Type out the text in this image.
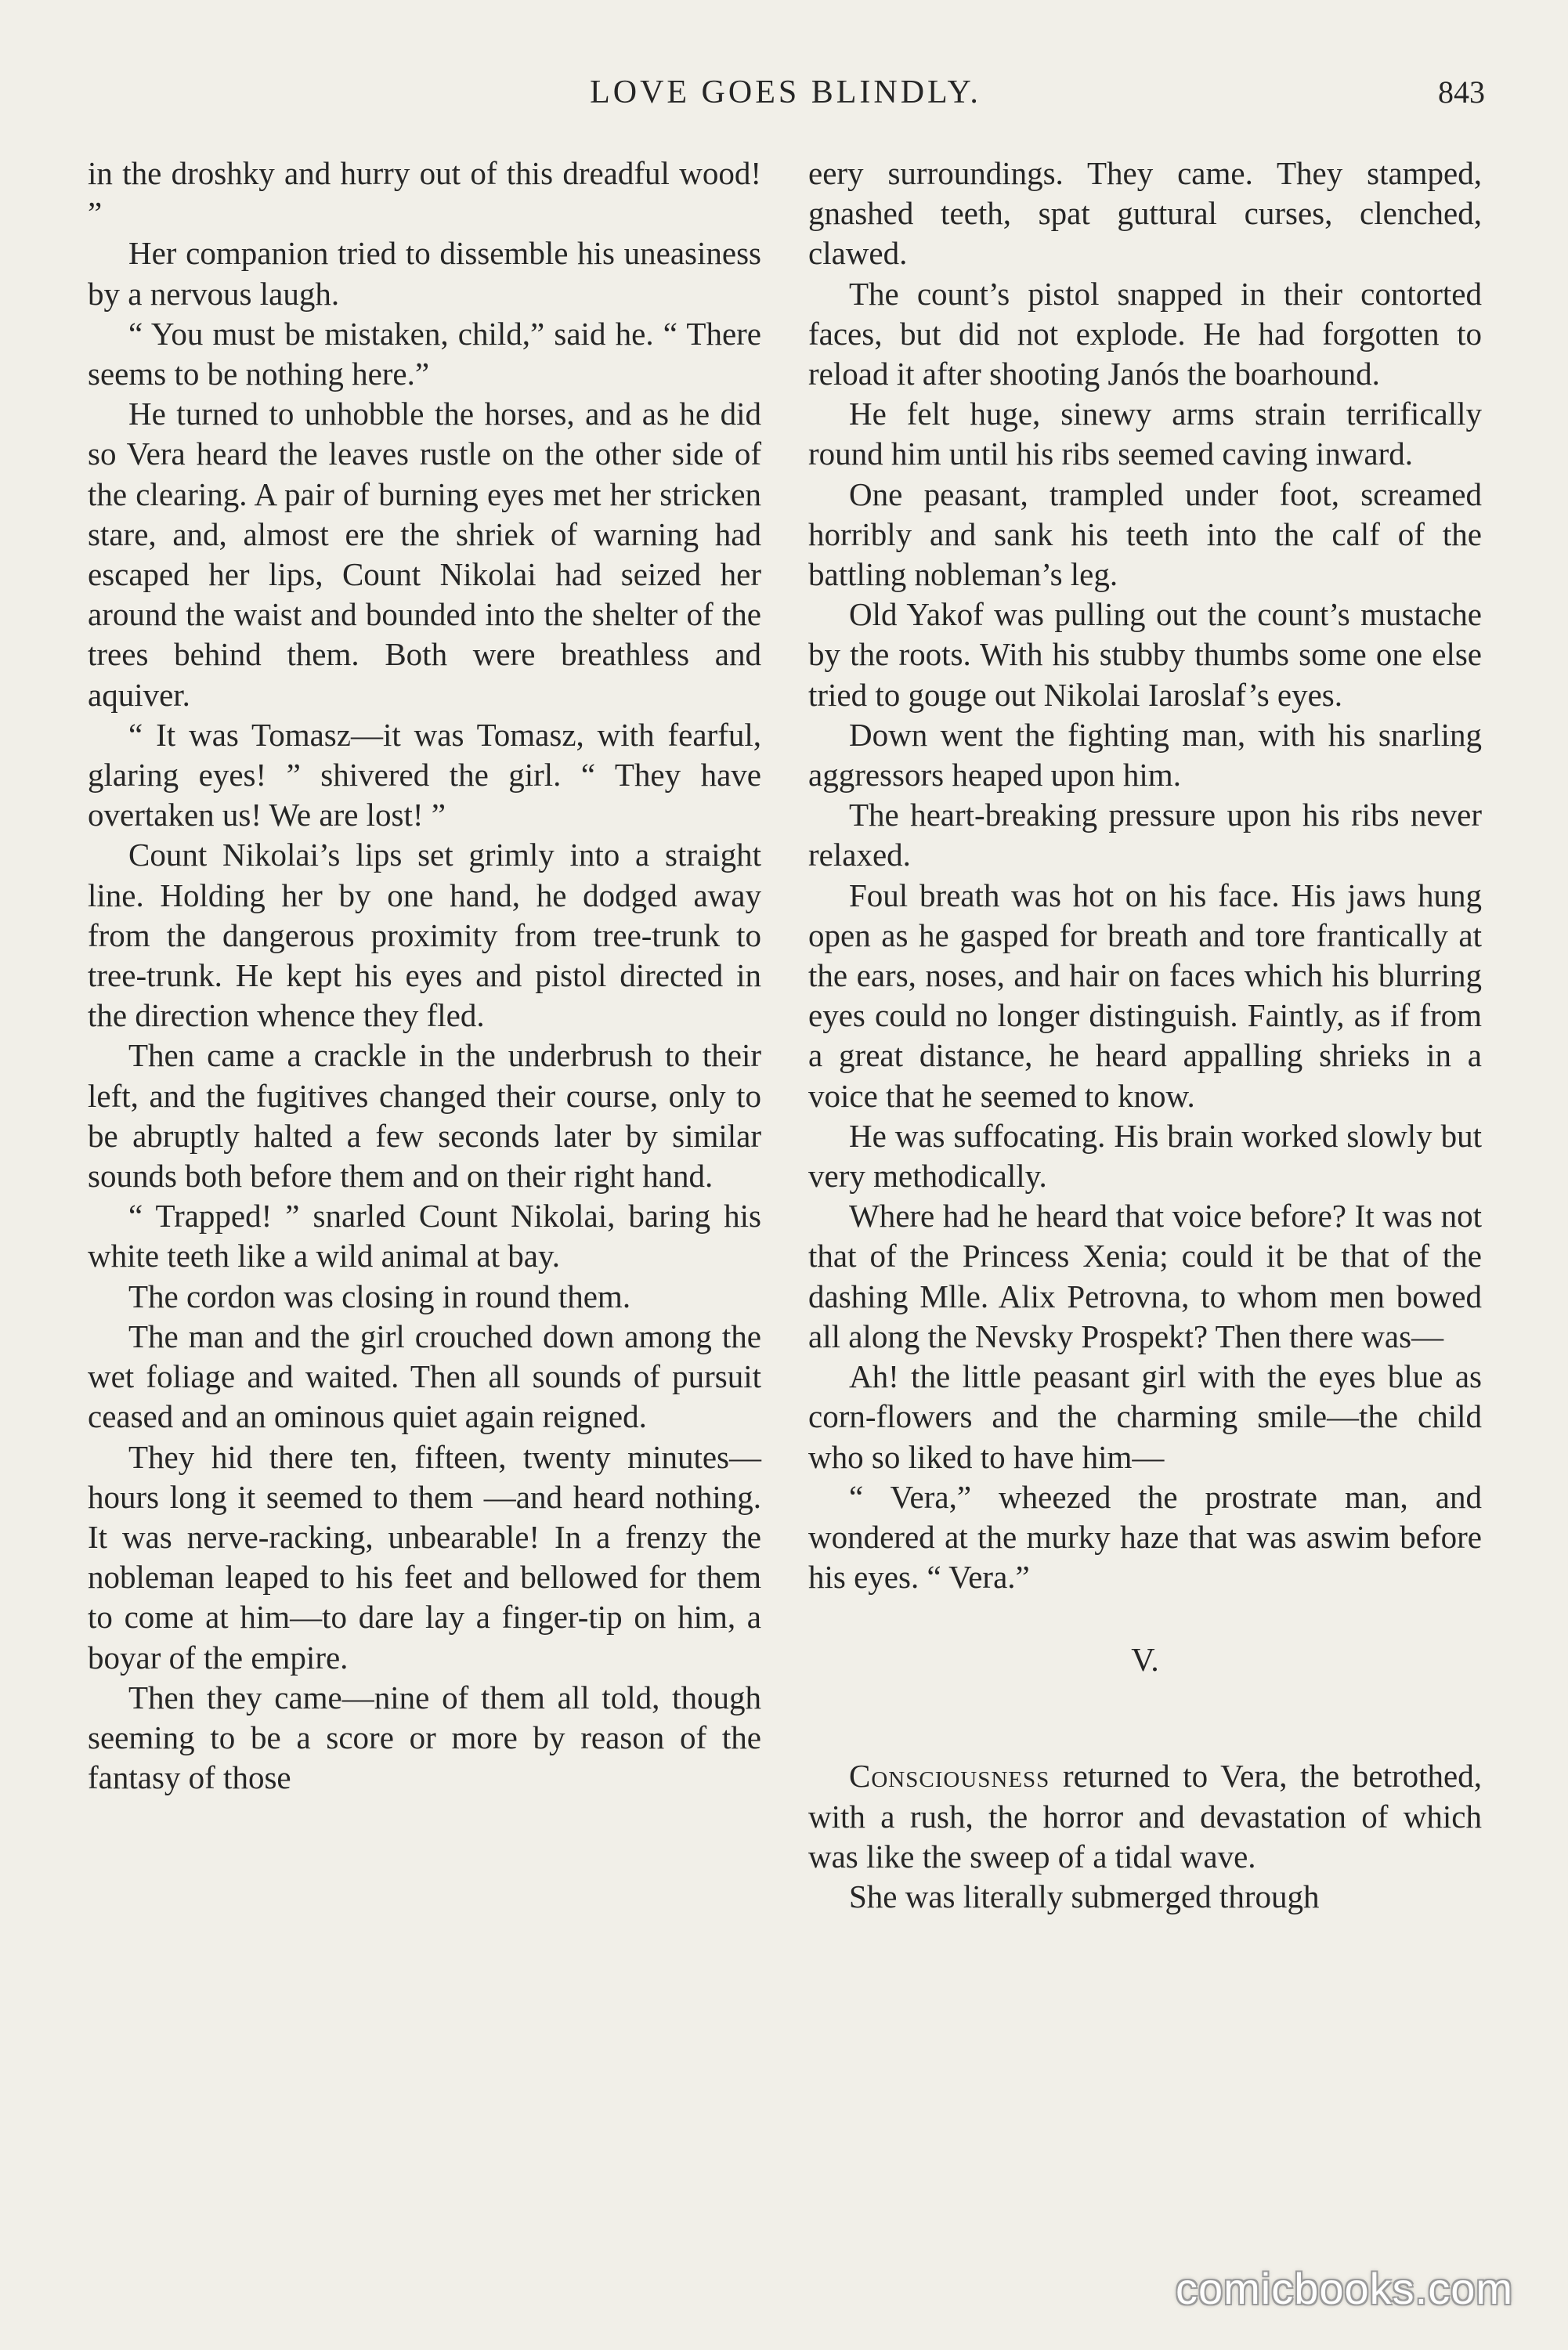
LOVE GOES BLINDLY.	843

in the droshky and hurry out of this dreadful wood! ”

Her companion tried to dissemble his uneasiness by a nervous laugh.

“ You must be mistaken, child,” said he. “ There seems to be nothing here.”

He turned to unhobble the horses, and as he did so Vera heard the leaves rustle on the other side of the clearing. A pair of burning eyes met her stricken stare, and, almost ere the shriek of warning had escaped her lips, Count Nikolai had seized her around the waist and bounded into the shelter of the trees behind them. Both were breathless and aquiver.

“ It was Tomasz—it was Tomasz, with fearful, glaring eyes! ” shivered the girl. “ They have overtaken us! We are lost! ”

Count Nikolai’s lips set grimly into a straight line. Holding her by one hand, he dodged away from the dangerous proximity from tree-trunk to tree-trunk. He kept his eyes and pistol directed in the direction whence they fled.

Then came a crackle in the underbrush to their left, and the fugitives changed their course, only to be abruptly halted a few seconds later by similar sounds both before them and on their right hand.

“ Trapped! ” snarled Count Nikolai, baring his white teeth like a wild animal at bay.

The cordon was closing in round them.

The man and the girl crouched down among the wet foliage and waited. Then all sounds of pursuit ceased and an ominous quiet again reigned.

They hid there ten, fifteen, twenty minutes—hours long it seemed to them —and heard nothing. It was nerve-racking, unbearable! In a frenzy the nobleman leaped to his feet and bellowed for them to come at him—to dare lay a finger-tip on him, a boyar of the empire.

Then they came—nine of them all told, though seeming to be a score or more by reason of the fantasy of those

eery surroundings. They came. They stamped, gnashed teeth, spat guttural curses, clenched, clawed.

The count’s pistol snapped in their contorted faces, but did not explode. He had forgotten to reload it after shooting Janós the boarhound.

He felt huge, sinewy arms strain terrifically round him until his ribs seemed caving inward.

One peasant, trampled under foot, screamed horribly and sank his teeth into the calf of the battling nobleman’s leg.

Old Yakof was pulling out the count’s mustache by the roots. With his stubby thumbs some one else tried to gouge out Nikolai Iaroslaf’s eyes.

Down went the fighting man, with his snarling aggressors heaped upon him.

The heart-breaking pressure upon his ribs never relaxed.

Foul breath was hot on his face. His jaws hung open as he gasped for breath and tore frantically at the ears, noses, and hair on faces which his blurring eyes could no longer distinguish. Faintly, as if from a great distance, he heard appalling shrieks in a voice that he seemed to know.

He was suffocating. His brain worked slowly but very methodically.

Where had he heard that voice before? It was not that of the Princess Xenia; could it be that of the dashing Mlle. Alix Petrovna, to whom men bowed all along the Nevsky Prospekt? Then there was—

Ah! the little peasant girl with the eyes blue as corn-flowers and the charming smile—the child who so liked to have him—

“ Vera,” wheezed the prostrate man, and wondered at the murky haze that was aswim before his eyes. “ Vera.”

V.

Consciousness returned to Vera, the betrothed, with a rush, the horror and devastation of which was like the sweep of a tidal wave.

She was literally submerged through

comicbooks.com
